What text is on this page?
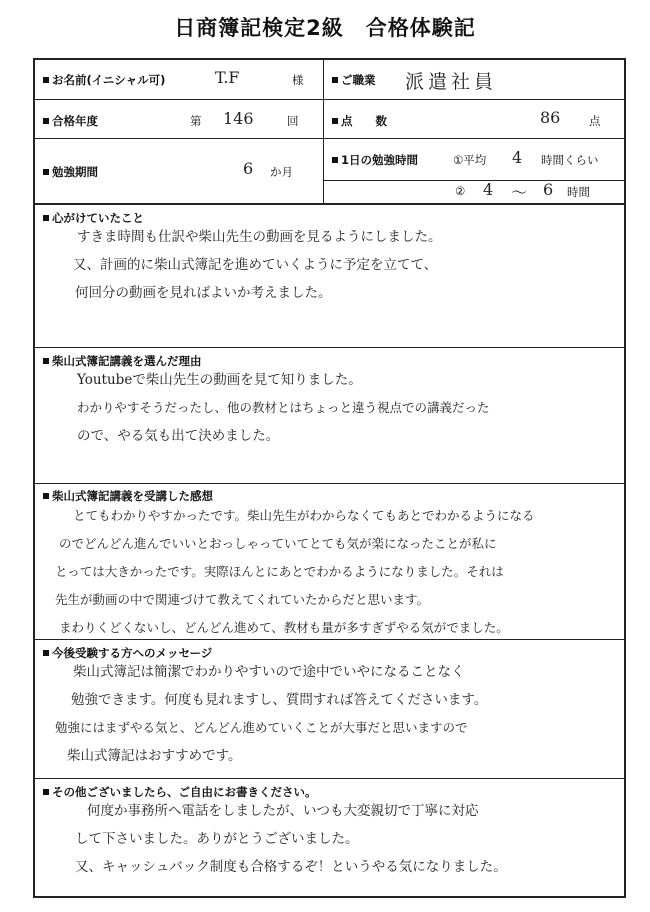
日商簿記検定2級　合格体験記
お名前(イニシャル可)	T.F	様	ご職業 派遣社員
合格年度	第 146	回	点　　数	86 点
勉強期間	6 か月
1日の勉強時間	①平均 4 時間くらい
② 4 ～ 6 時間
心がけていたこと
すきま時間も仕訳や柴山先生の動画を見るようにしました。
又、計画的に柴山式簿記を進めていくように予定を立てて、
何回分の動画を見ればよいか考えました。
柴山式簿記講義を選んだ理由
Youtubeで柴山先生の動画を見て知りました。
わかりやすそうだったし、他の教材とはちょっと違う視点での講義だった
ので、やる気も出て決めました。
柴山式簿記講義を受講した感想
とてもわかりやすかったです。柴山先生がわからなくてもあとでわかるようになる
のでどんどん進んでいいとおっしゃっていてとても気が楽になったことが私に
とっては大きかったです。実際ほんとにあとでわかるようになりました。それは
先生が動画の中で関連づけて教えてくれていたからだと思います。
まわりくどくないし、どんどん進めて、教材も量が多すぎずやる気がでました。
今後受験する方へのメッセージ
柴山式簿記は簡潔でわかりやすいので途中でいやになることなく
勉強できます。何度も見れますし、質問すれば答えてくださいます。
勉強にはまずやる気と、どんどん進めていくことが大事だと思いますので
柴山式簿記はおすすめです。
その他ございましたら、ご自由にお書きください。
何度か事務所へ電話をしましたが、いつも大変親切で丁寧に対応
して下さいました。ありがとうございました。
又、キャッシュバック制度も合格するぞ！というやる気になりました。
